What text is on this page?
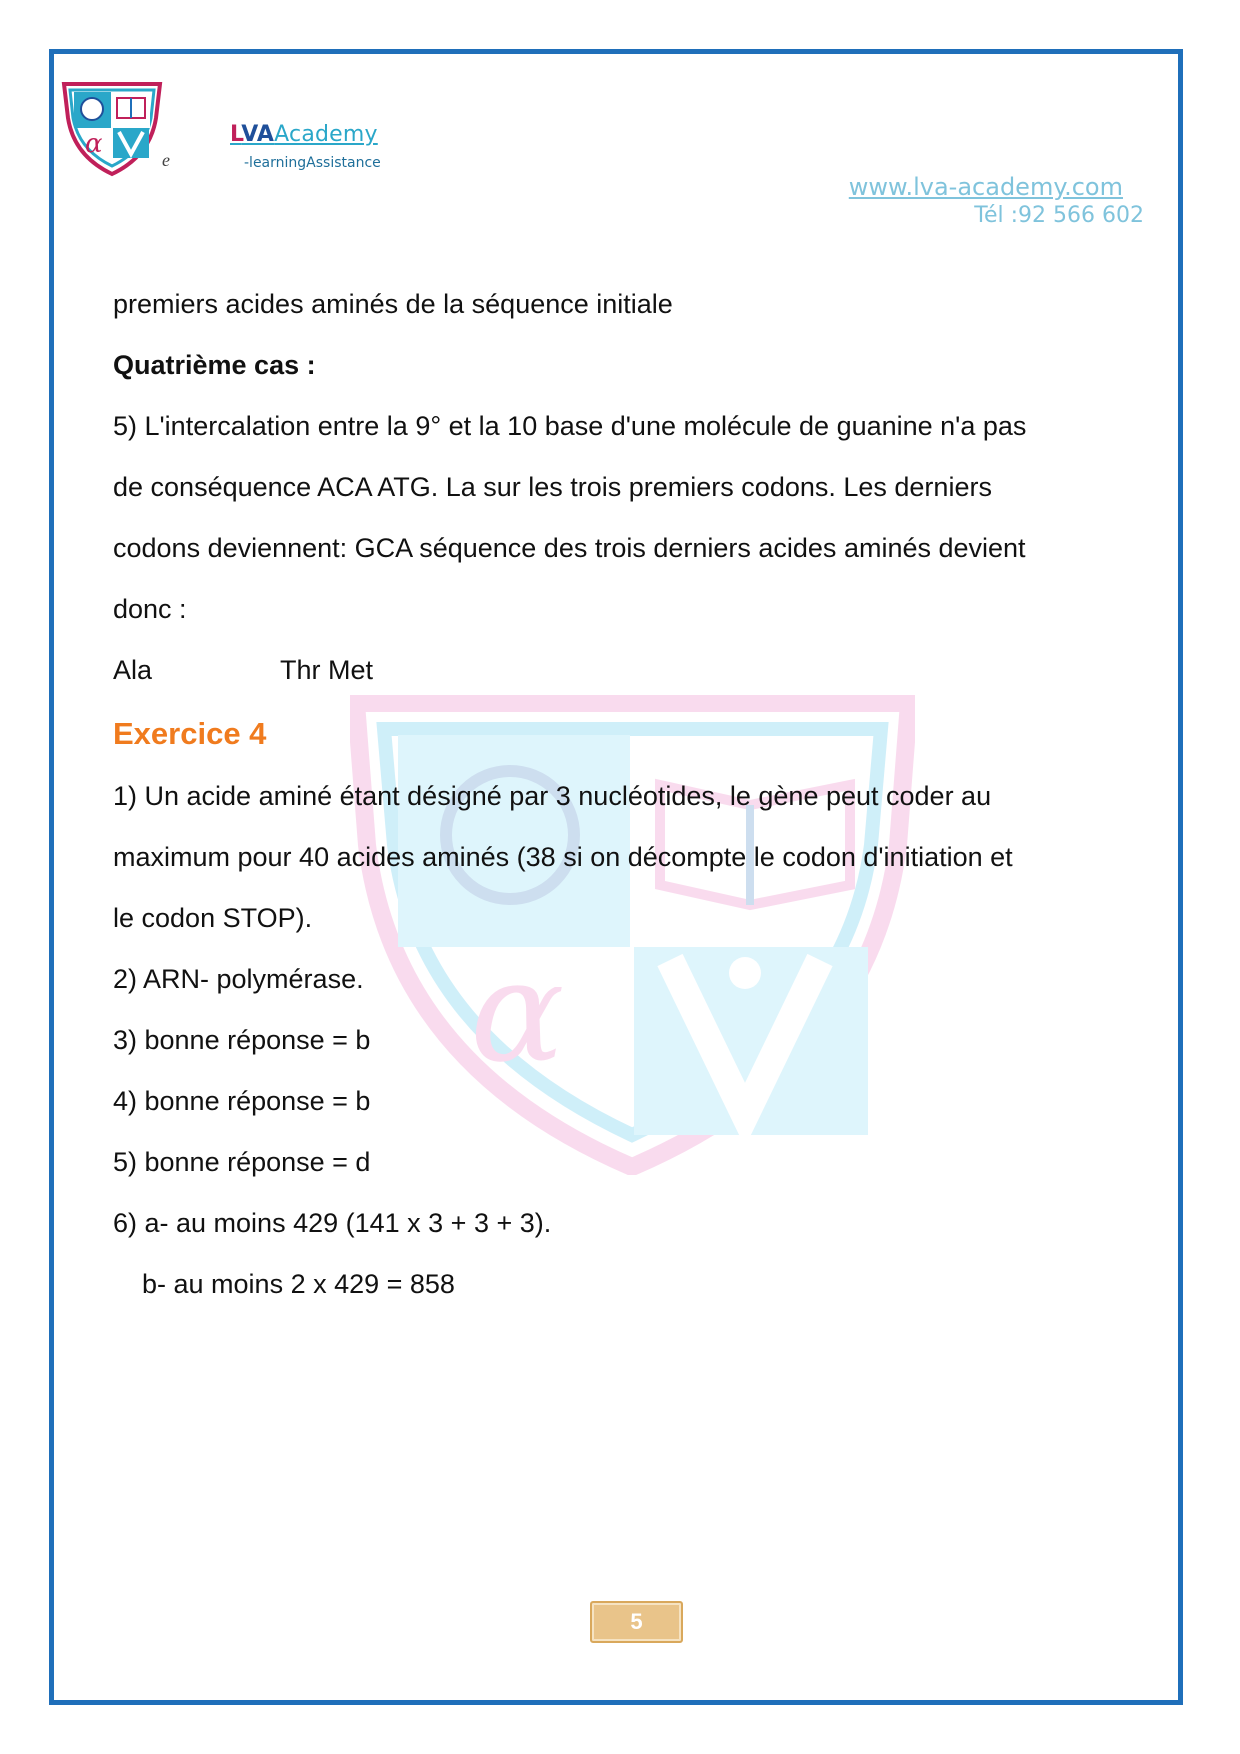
α
e
LVAAcademy
-learningAssistance
www.lva-academy.com
Tél :92 566 602
α
premiers acides aminés de la séquence initiale
Quatrième cas :
5) L'intercalation entre la 9° et la 10 base d'une molécule de guanine n'a pas
de conséquence ACA ATG. La sur les trois premiers codons. Les derniers
codons deviennent: GCA séquence des trois derniers acides aminés devient
donc :
Ala	Thr Met
Exercice 4
1) Un acide aminé étant désigné par 3 nucléotides, le gène peut coder au
maximum pour 40 acides aminés (38 si on décompte le codon d'initiation et
le codon STOP).
2) ARN- polymérase.
3) bonne réponse = b
4) bonne réponse = b
5) bonne réponse = d
6) a- au moins 429 (141 x 3 + 3 + 3).
b- au moins 2 x 429 = 858
5
